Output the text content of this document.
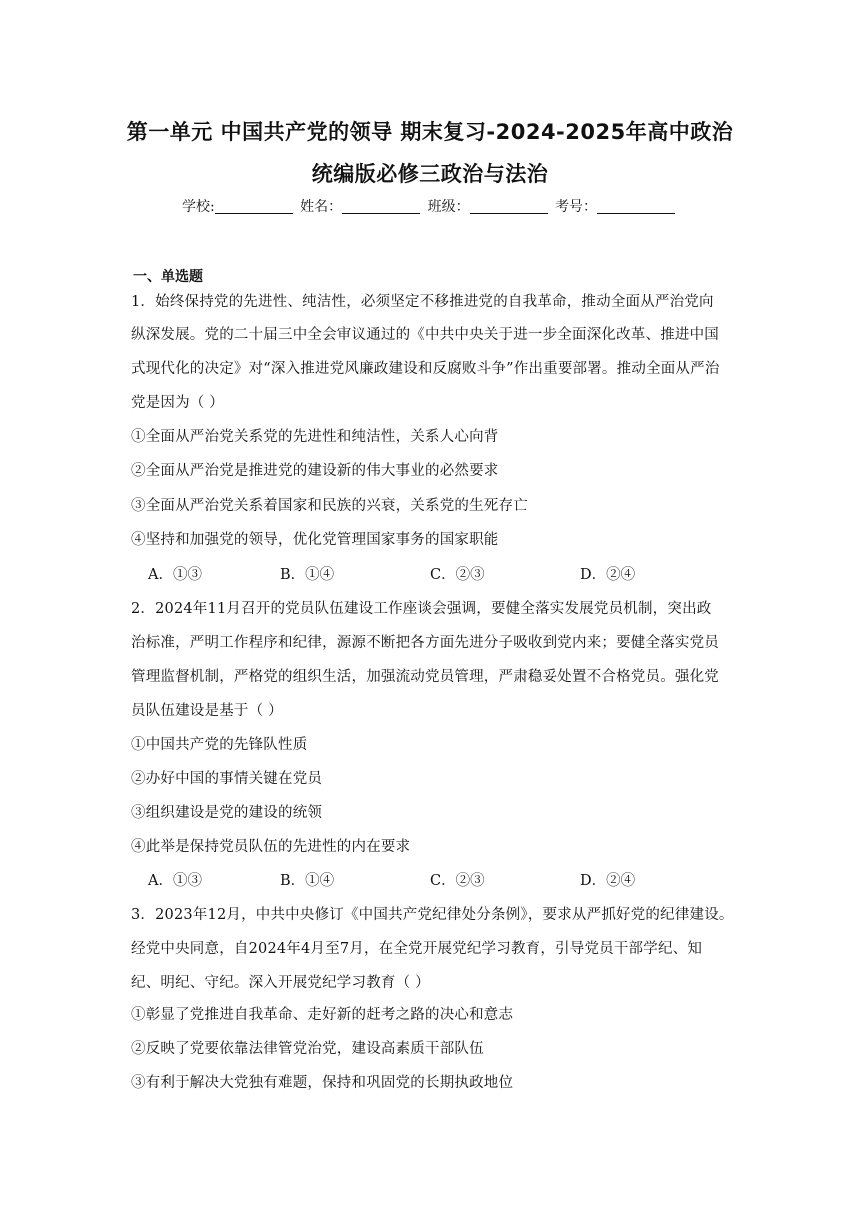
第一单元 中国共产党的领导 期末复习-2024-2025年高中政治
统编版必修三政治与法治
学校:	姓名：	班级：	考号：
一、单选题
1．始终保持党的先进性、纯洁性，必须坚定不移推进党的自我革命，推动全面从严治党向
纵深发展。党的二十届三中全会审议通过的《中共中央关于进一步全面深化改革、推进中国
式现代化的决定》对“深入推进党风廉政建设和反腐败斗争”作出重要部署。推动全面从严治
党是因为（ ）
①全面从严治党关系党的先进性和纯洁性，关系人心向背
②全面从严治党是推进党的建设新的伟大事业的必然要求
③全面从严治党关系着国家和民族的兴衰，关系党的生死存亡
④坚持和加强党的领导，优化党管理国家事务的国家职能
A．①③	B．①④	C．②③	D．②④
2．2024年11月召开的党员队伍建设工作座谈会强调，要健全落实发展党员机制，突出政
治标准，严明工作程序和纪律，源源不断把各方面先进分子吸收到党内来；要健全落实党员
管理监督机制，严格党的组织生活，加强流动党员管理，严肃稳妥处置不合格党员。强化党
员队伍建设是基于（ ）
①中国共产党的先锋队性质
②办好中国的事情关键在党员
③组织建设是党的建设的统领
④此举是保持党员队伍的先进性的内在要求
A．①③	B．①④	C．②③	D．②④
3．2023年12月，中共中央修订《中国共产党纪律处分条例》，要求从严抓好党的纪律建设。
经党中央同意，自2024年4月至7月，在全党开展党纪学习教育，引导党员干部学纪、知
纪、明纪、守纪。深入开展党纪学习教育（ ）
①彰显了党推进自我革命、走好新的赶考之路的决心和意志
②反映了党要依靠法律管党治党，建设高素质干部队伍
③有利于解决大党独有难题，保持和巩固党的长期执政地位
